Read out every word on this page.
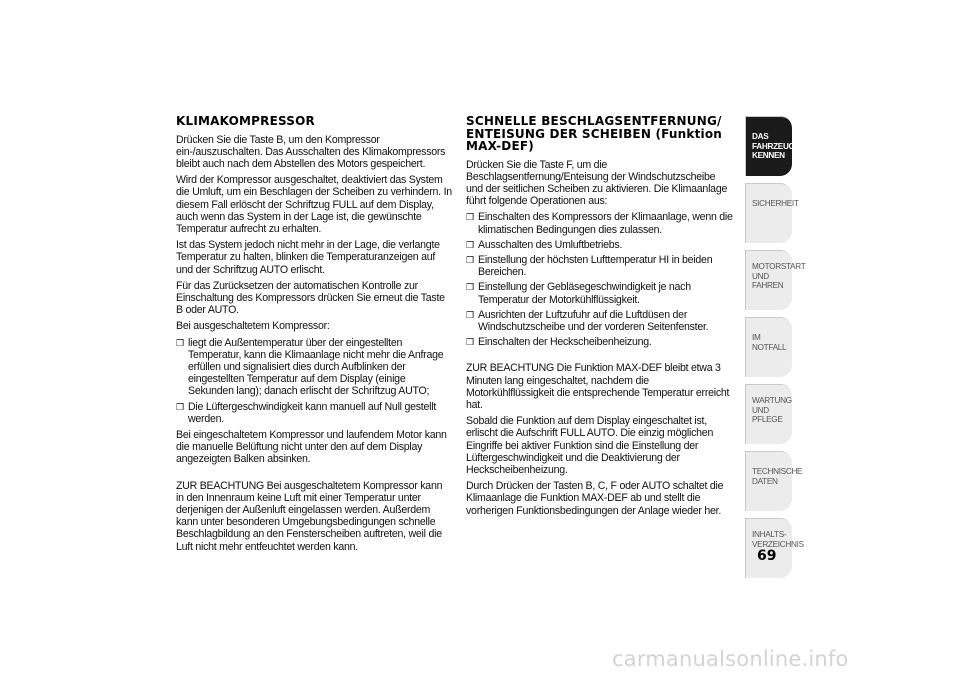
KLIMAKOMPRESSOR

Drücken Sie die Taste B, um den Kompressor ein-/auszuschalten. Das Ausschalten des Klimakompressors bleibt auch nach dem Abstellen des Motors gespeichert.

Wird der Kompressor ausgeschaltet, deaktiviert das System die Umluft, um ein Beschlagen der Scheiben zu verhindern. In diesem Fall erlöscht der Schriftzug FULL auf dem Display, auch wenn das System in der Lage ist, die gewünschte Temperatur aufrecht zu erhalten.

Ist das System jedoch nicht mehr in der Lage, die verlangte Temperatur zu halten, blinken die Temperaturanzeigen auf und der Schriftzug AUTO erlischt.

Für das Zurücksetzen der automatischen Kontrolle zur Einschaltung des Kompressors drücken Sie erneut die Taste B oder AUTO.

Bei ausgeschaltetem Kompressor:

❒ liegt die Außentemperatur über der eingestellten Temperatur, kann die Klimaanlage nicht mehr die Anfrage erfüllen und signalisiert dies durch Aufblinken der eingestellten Temperatur auf dem Display (einige Sekunden lang); danach erlischt der Schriftzug AUTO;
❒ Die Lüftergeschwindigkeit kann manuell auf Null gestellt werden.

Bei eingeschaltetem Kompressor und laufendem Motor kann die manuelle Belüftung nicht unter den auf dem Display angezeigten Balken absinken.

ZUR BEACHTUNG Bei ausgeschaltetem Kompressor kann in den Innenraum keine Luft mit einer Temperatur unter derjenigen der Außenluft eingelassen werden. Außerdem kann unter besonderen Umgebungsbedingungen schnelle Beschlagbildung an den Fensterscheiben auftreten, weil die Luft nicht mehr entfeuchtet werden kann.

SCHNELLE BESCHLAGSENTFERNUNG/ ENTEISUNG DER SCHEIBEN (Funktion MAX-DEF)

Drücken Sie die Taste F, um die Beschlagsentfernung/Enteisung der Windschutzscheibe und der seitlichen Scheiben zu aktivieren. Die Klimaanlage führt folgende Operationen aus:

❒ Einschalten des Kompressors der Klimaanlage, wenn die klimatischen Bedingungen dies zulassen.
❒ Ausschalten des Umluftbetriebs.
❒ Einstellung der höchsten Lufttemperatur HI in beiden Bereichen.
❒ Einstellung der Gebläsegeschwindigkeit je nach Temperatur der Motorkühlflüssigkeit.
❒ Ausrichten der Luftzufuhr auf die Luftdüsen der Windschutzscheibe und der vorderen Seitenfenster.
❒ Einschalten der Heckscheibenheizung.

ZUR BEACHTUNG Die Funktion MAX-DEF bleibt etwa 3 Minuten lang eingeschaltet, nachdem die Motorkühlflüssigkeit die entsprechende Temperatur erreicht hat.

Sobald die Funktion auf dem Display eingeschaltet ist, erlischt die Aufschrift FULL AUTO. Die einzig möglichen Eingriffe bei aktiver Funktion sind die Einstellung der Lüftergeschwindigkeit und die Deaktivierung der Heckscheibenheizung.

Durch Drücken der Tasten B, C, F oder AUTO schaltet die Klimaanlage die Funktion MAX-DEF ab und stellt die vorherigen Funktionsbedingungen der Anlage wieder her.

DAS FAHRZEUG KENNEN
SICHERHEIT
MOTORSTART UND FAHREN
IM NOTFALL
WARTUNG UND PFLEGE
TECHNISCHE DATEN
INHALTS-VERZEICHNIS
69
carmanualsonline.info
